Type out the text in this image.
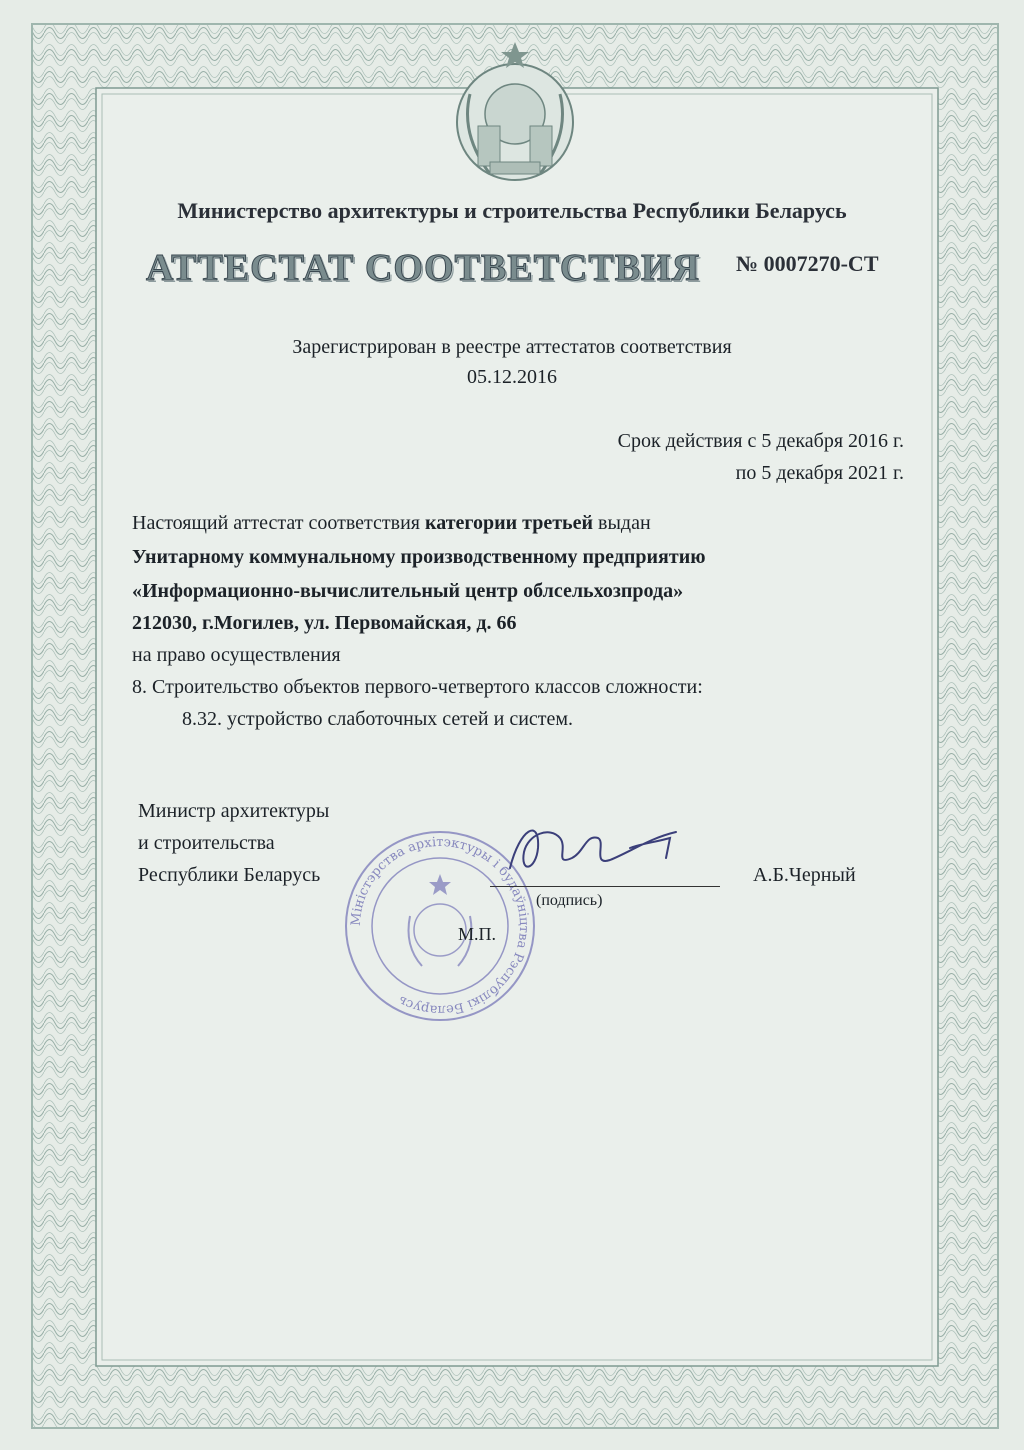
Министерство архитектуры и строительства Республики Беларусь
АТТЕСТАТ СООТВЕТСТВИЯ № 0007270-СТ
Зарегистрирован в реестре аттестатов соответствия
05.12.2016
Срок действия с 5 декабря 2016 г.
по 5 декабря 2021 г.
Настоящий аттестат соответствия категории третьей выдан
Унитарному коммунальному производственному предприятию
«Информационно-вычислительный центр облсельхозпрода»
212030, г.Могилев, ул. Первомайская, д. 66
на право осуществления
8. Строительство объектов первого-четвертого классов сложности:
8.32. устройство слаботочных сетей и систем.
Министр архитектуры
и строительства
Республики Беларусь
Міністэрства архітэктуры і будаўніцтва Рэспублікі Беларусь
(подпись)
А.Б.Черный
М.П.
